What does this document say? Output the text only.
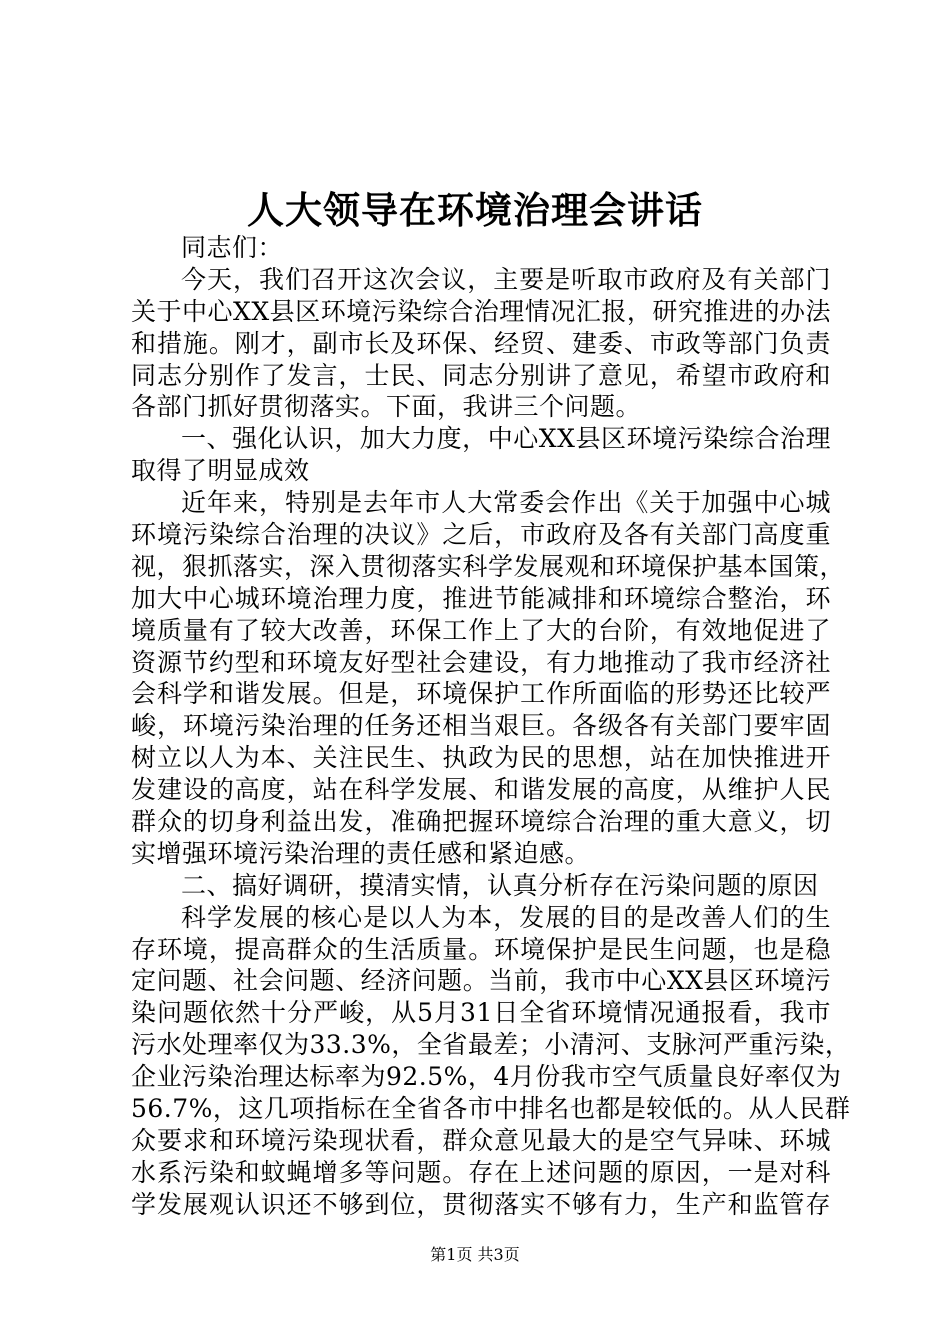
人大领导在环境治理会讲话
同志们：
今天，我们召开这次会议，主要是听取市政府及有关部门
关于中心XX县区环境污染综合治理情况汇报，研究推进的办法
和措施。刚才，副市长及环保、经贸、建委、市政等部门负责
同志分别作了发言，士民、同志分别讲了意见，希望市政府和
各部门抓好贯彻落实。下面，我讲三个问题。
一、强化认识，加大力度，中心XX县区环境污染综合治理
取得了明显成效
近年来，特别是去年市人大常委会作出《关于加强中心城
环境污染综合治理的决议》之后，市政府及各有关部门高度重
视，狠抓落实，深入贯彻落实科学发展观和环境保护基本国策，
加大中心城环境治理力度，推进节能减排和环境综合整治，环
境质量有了较大改善，环保工作上了大的台阶，有效地促进了
资源节约型和环境友好型社会建设，有力地推动了我市经济社
会科学和谐发展。但是，环境保护工作所面临的形势还比较严
峻，环境污染治理的任务还相当艰巨。各级各有关部门要牢固
树立以人为本、关注民生、执政为民的思想，站在加快推进开
发建设的高度，站在科学发展、和谐发展的高度，从维护人民
群众的切身利益出发，准确把握环境综合治理的重大意义，切
实增强环境污染治理的责任感和紧迫感。
二、搞好调研，摸清实情，认真分析存在污染问题的原因
科学发展的核心是以人为本，发展的目的是改善人们的生
存环境，提高群众的生活质量。环境保护是民生问题，也是稳
定问题、社会问题、经济问题。当前，我市中心XX县区环境污
染问题依然十分严峻，从5月31日全省环境情况通报看，我市
污水处理率仅为33.3%，全省最差；小清河、支脉河严重污染，
企业污染治理达标率为92.5%，4月份我市空气质量良好率仅为
56.7%，这几项指标在全省各市中排名也都是较低的。从人民群
众要求和环境污染现状看，群众意见最大的是空气异味、环城
水系污染和蚊蝇增多等问题。存在上述问题的原因，一是对科
学发展观认识还不够到位，贯彻落实不够有力，生产和监管存
第1页 共3页
